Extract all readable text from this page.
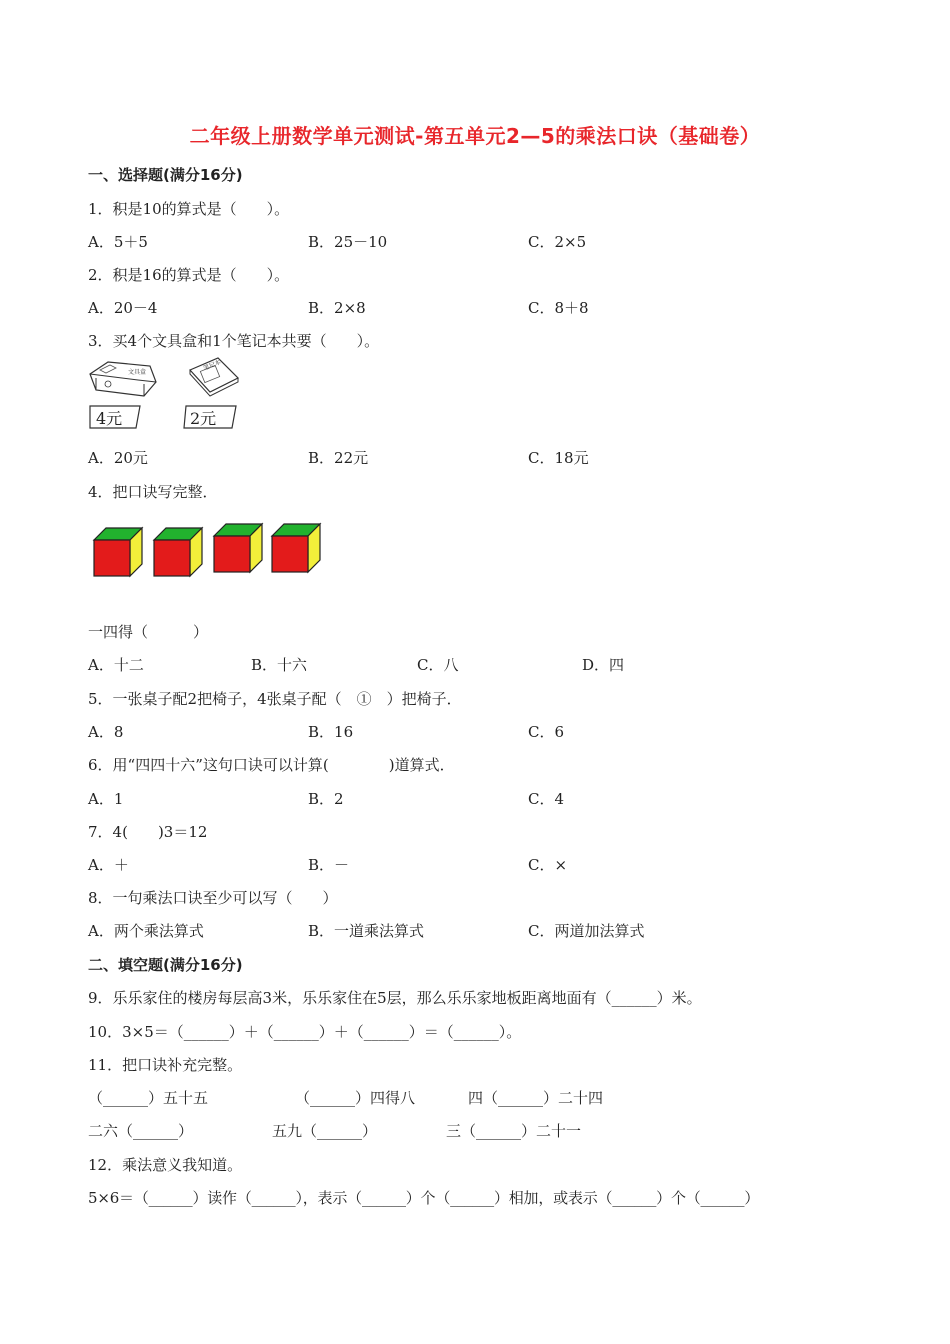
二年级上册数学单元测试-第五单元2—5的乘法口诀（基础卷）
一、选择题(满分16分)
1．积是10的算式是（　　）。
A．5＋5	B．25－10	C．2×5
2．积是16的算式是（　　）。
A．20－4	B．2×8	C．8＋8
3．买4个文具盒和1个笔记本共要（　　）。
文具盒
笔记本
4元	2元
A．20元	B．22元	C．18元
4．把口诀写完整．
一四得（　　　）
A．十二	B．十六	C．八	D．四
5．一张桌子配2把椅子，4张桌子配（　①　）把椅子．
A．8	B．16	C．6
6．用“四四十六”这句口诀可以计算(　　　　)道算式．
A．1	B．2	C．4
7．4(　　)3＝12
A．＋	B．－	C．×
8．一句乘法口诀至少可以写（　　）
A．两个乘法算式	B．一道乘法算式	C．两道加法算式
二、填空题(满分16分)
9．乐乐家住的楼房每层高3米，乐乐家住在5层，那么乐乐家地板距离地面有（______）米。
10．3×5＝（______）＋（______）＋（______）＝（______）。
11．把口诀补充完整。
（______）五十五	（______）四得八	四（______）二十四
二六（______）	五九（______）	三（______）二十一
12．乘法意义我知道。
5×6＝（______）读作（______），表示（______）个（______）相加，或表示（______）个（______）
